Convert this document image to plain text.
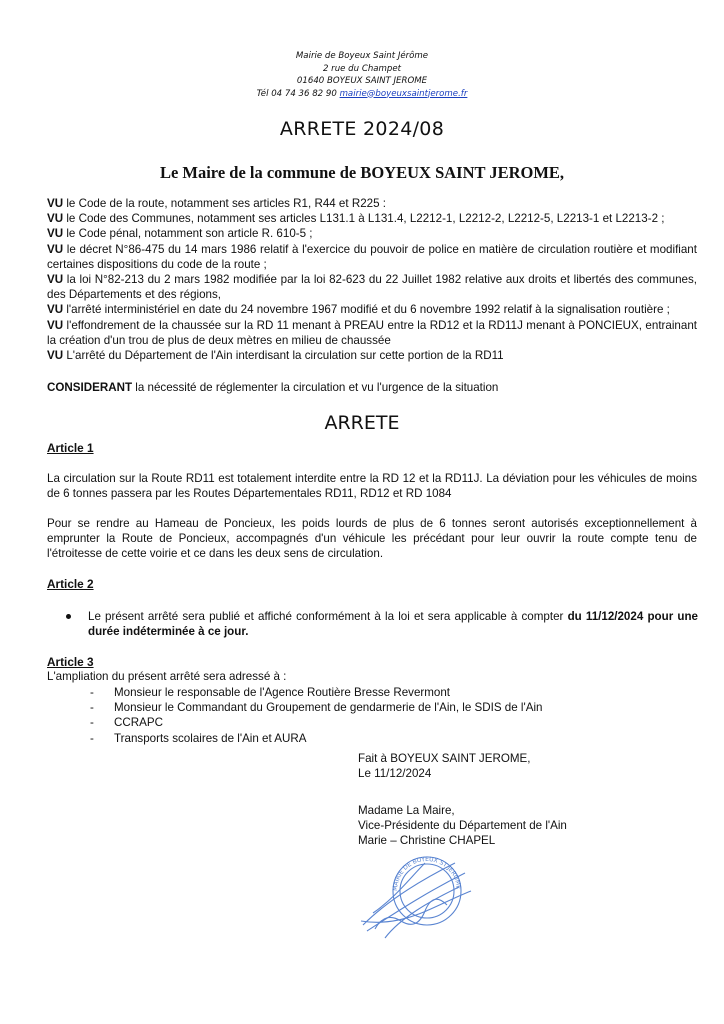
Mairie de Boyeux Saint Jérôme
2 rue du Champet
01640 BOYEUX SAINT JEROME
Tél 04 74 36 82 90 mairie@boyeuxsaintjerome.fr
ARRETE 2024/08
Le Maire de la commune de BOYEUX SAINT JEROME,

VU le Code de la route, notamment ses articles R1, R44 et R225 :

VU le Code des Communes, notamment ses articles L131.1 à L131.4, L2212-1, L2212-2, L2212-5, L2213-1 et L2213-2 ;

VU le Code pénal, notamment son article R. 610-5 ;

VU le décret N°86-475 du 14 mars 1986 relatif à l'exercice du pouvoir de police en matière de circulation routière et modifiant certaines dispositions du code de la route ;

VU la loi N°82-213 du 2 mars 1982 modifiée par la loi 82-623 du 22 Juillet 1982 relative aux droits et libertés des communes, des Départements et des régions,

VU l'arrêté interministériel en date du 24 novembre 1967 modifié et du 6 novembre 1992 relatif à la signalisation routière ;

VU l'effondrement de la chaussée sur la RD 11 menant à PREAU entre la RD12 et la RD11J menant à PONCIEUX, entrainant la création d'un trou de plus de deux mètres en milieu de chaussée

VU L'arrêté du Département de l'Ain interdisant la circulation sur cette portion de la RD11

CONSIDERANT la nécessité de réglementer la circulation et vu l'urgence de la situation

ARRETE

Article 1

La circulation sur la Route RD11 est totalement interdite entre la RD 12 et la RD11J. La déviation pour les véhicules de moins de 6 tonnes passera par les Routes Départementales RD11, RD12 et RD 1084

Pour se rendre au Hameau de Poncieux, les poids lourds de plus de 6 tonnes seront autorisés exceptionnellement à emprunter la Route de Poncieux, accompagnés d'un véhicule les précédant pour leur ouvrir la route compte tenu de l'étroitesse de cette voirie et ce dans les deux sens de circulation.

Article 2

Le présent arrêté sera publié et affiché conformément à la loi et sera applicable à compter du 11/12/2024 pour une durée indéterminée à ce jour.

Article 3

L'ampliation du présent arrêté sera adressé à :

- Monsieur le responsable de l'Agence Routière Bresse Revermont
- Monsieur le Commandant du Groupement de gendarmerie de l'Ain, le SDIS de l'Ain
- CCRAPC
- Transports scolaires de l'Ain et AURA

Fait à BOYEUX SAINT JEROME,

Le 11/12/2024

Madame La Maire,

Vice-Présidente du Département de l'Ain

Marie – Christine CHAPEL

MAIRIE DE BOYEUX ST JEROME
